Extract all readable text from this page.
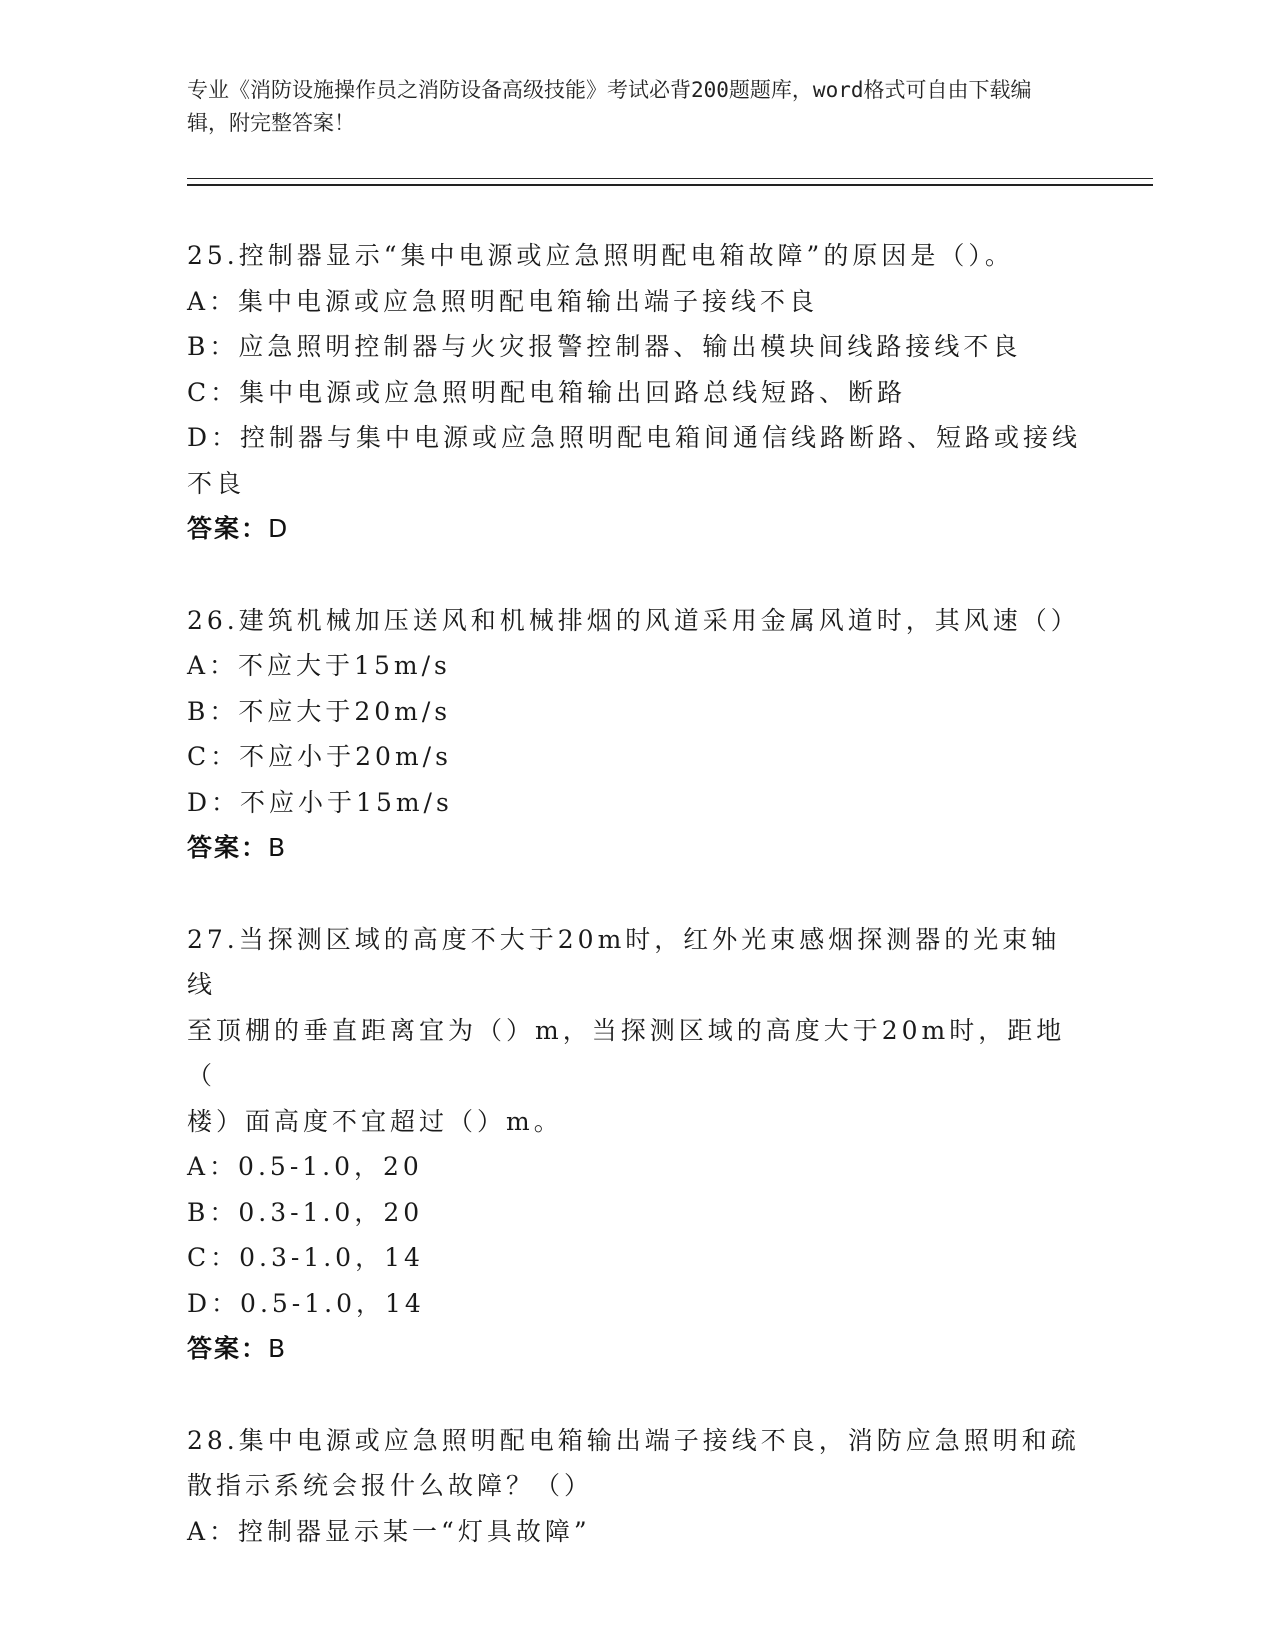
专业《消防设施操作员之消防设备高级技能》考试必背200题题库，word格式可自由下载编辑，附完整答案！
25.控制器显示“集中电源或应急照明配电箱故障”的原因是（）。
A：集中电源或应急照明配电箱输出端子接线不良
B：应急照明控制器与火灾报警控制器、输出模块间线路接线不良
C：集中电源或应急照明配电箱输出回路总线短路、断路
D：控制器与集中电源或应急照明配电箱间通信线路断路、短路或接线
不良
答案：D
26.建筑机械加压送风和机械排烟的风道采用金属风道时，其风速（）
A：不应大于15m/s
B：不应大于20m/s
C：不应小于20m/s
D：不应小于15m/s
答案：B
27.当探测区域的高度不大于20m时，红外光束感烟探测器的光束轴线
至顶棚的垂直距离宜为（）m，当探测区域的高度大于20m时，距地（
楼）面高度不宜超过（）m。
A：0.5-1.0，20
B：0.3-1.0，20
C：0.3-1.0，14
D：0.5-1.0，14
答案：B
28.集中电源或应急照明配电箱输出端子接线不良，消防应急照明和疏
散指示系统会报什么故障？（）
A：控制器显示某一“灯具故障”
